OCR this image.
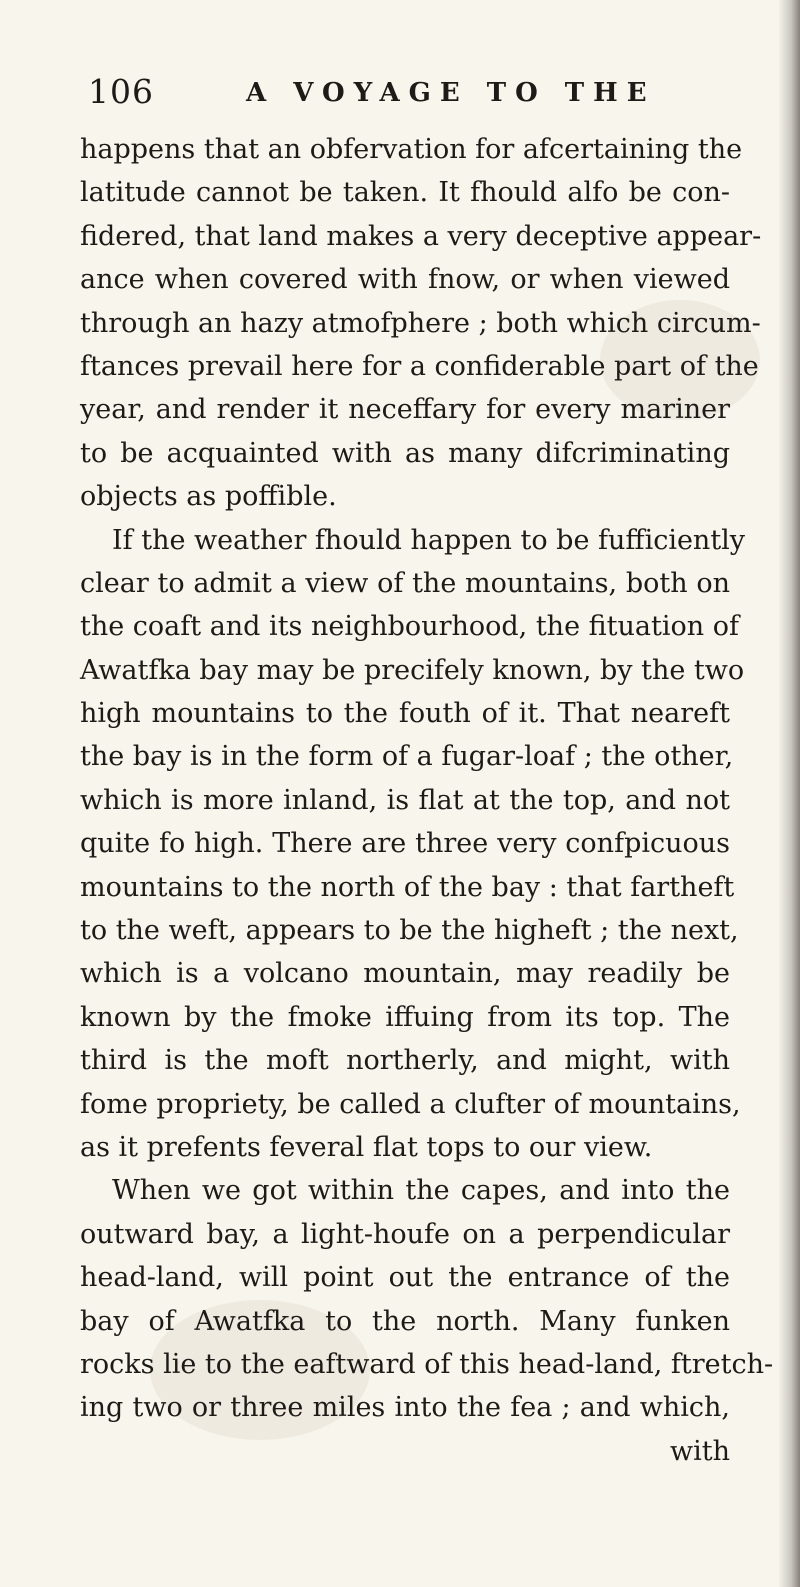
106	A VOYAGE TO THE
happens that an obfervation for afcertaining the
latitude cannot be taken. It fhould alfo be con-
fidered, that land makes a very deceptive appear-
ance when covered with fnow, or when viewed
through an hazy atmofphere ; both which circum-
ftances prevail here for a confiderable part of the
year, and render it neceffary for every mariner
to be acquainted with as many difcriminating
objects as poffible.
If the weather fhould happen to be fufficiently
clear to admit a view of the mountains, both on
the coaft and its neighbourhood, the fituation of
Awatfka bay may be precifely known, by the two
high mountains to the fouth of it. That neareft
the bay is in the form of a fugar-loaf ; the other,
which is more inland, is flat at the top, and not
quite fo high. There are three very confpicuous
mountains to the north of the bay : that fartheft
to the weft, appears to be the higheft ; the next,
which is a volcano mountain, may readily be
known by the fmoke iffuing from its top. The
third is the moft northerly, and might, with
fome propriety, be called a clufter of mountains,
as it prefents feveral flat tops to our view.
When we got within the capes, and into the
outward bay, a light-houfe on a perpendicular
head-land, will point out the entrance of the
bay of Awatfka to the north. Many funken
rocks lie to the eaftward of this head-land, ftretch-
ing two or three miles into the fea ; and which,
with
